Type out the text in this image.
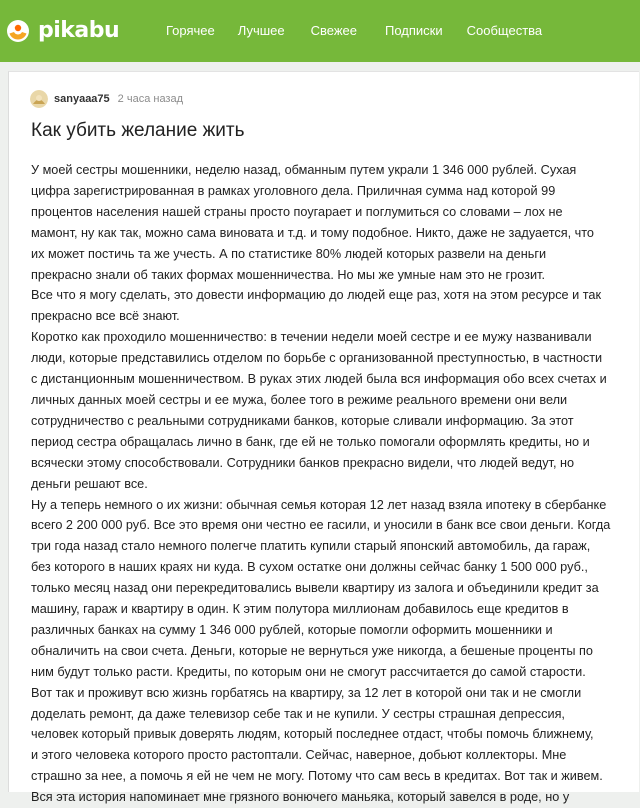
pikabu	Горячее Лучшее Свежее Подписки Сообщества
sanyaaa75 2 часа назад
Как убить желание жить

У моей сестры мошенники, неделю назад, обманным путем украли 1 346 000 рублей. Сухая

цифра зарегистрированная в рамках уголовного дела. Приличная сумма над которой 99

процентов населения нашей страны просто поугарает и поглумиться со словами – лох не

мамонт, ну как так, можно сама виновата и т.д. и тому подобное. Никто, даже не задуается, что

их может постичь та же учесть. А по статистике 80% людей которых развели на деньги

прекрасно знали об таких формах мошенничества. Но мы же умные нам это не грозит.

Все что я могу сделать, это довести информацию до людей еще раз, хотя на этом ресурсе и так

прекрасно все всё знают.

Коротко как проходило мошенничество: в течении недели моей сестре и ее мужу названивали

люди, которые представились отделом по борьбе с организованной преступностью, в частности

с дистанционным мошенничеством. В руках этих людей была вся информация обо всех счетах и

личных данных моей сестры и ее мужа, более того в режиме реального времени они вели

сотрудничество с реальными сотрудниками банков, которые сливали информацию. За этот

период сестра обращалась лично в банк, где ей не только помогали оформлять кредиты, но и

всячески этому способствовали. Сотрудники банков прекрасно видели, что людей ведут, но

деньги решают все.

Ну а теперь немного о их жизни: обычная семья которая 12 лет назад взяла ипотеку в сбербанке

всего 2 200 000 руб. Все это время они честно ее гасили, и уносили в банк все свои деньги. Когда

три года назад стало немного полегче платить купили старый японский автомобиль, да гараж,

без которого в наших краях ни куда. В сухом остатке они должны сейчас банку 1 500 000 руб.,

только месяц назад они перекредитовались вывели квартиру из залога и объединили кредит за

машину, гараж и квартиру в один. К этим полутора миллионам добавилось еще кредитов в

различных банках на сумму 1 346 000 рублей, которые помогли оформить мошенники и

обналичить на свои счета. Деньги, которые не вернуться уже никогда, а бешеные проценты по

ним будут только расти. Кредиты, по которым они не смогут рассчитается до самой старости.

Вот так и проживут всю жизнь горбатясь на квартиру, за 12 лет в которой они так и не смогли

доделать ремонт, да даже телевизор себе так и не купили. У сестры страшная депрессия,

человек который привык доверять людям, который последнее отдаст, чтобы помочь ближнему,

и этого человека которого просто растоптали. Сейчас, наверное, добьют коллекторы. Мне

страшно за нее, а помочь я ей не чем не могу. Потому что сам весь в кредитах. Вот так и живем.

Вся эта история напоминает мне грязного вонючего маньяка, который завелся в роде, но у
